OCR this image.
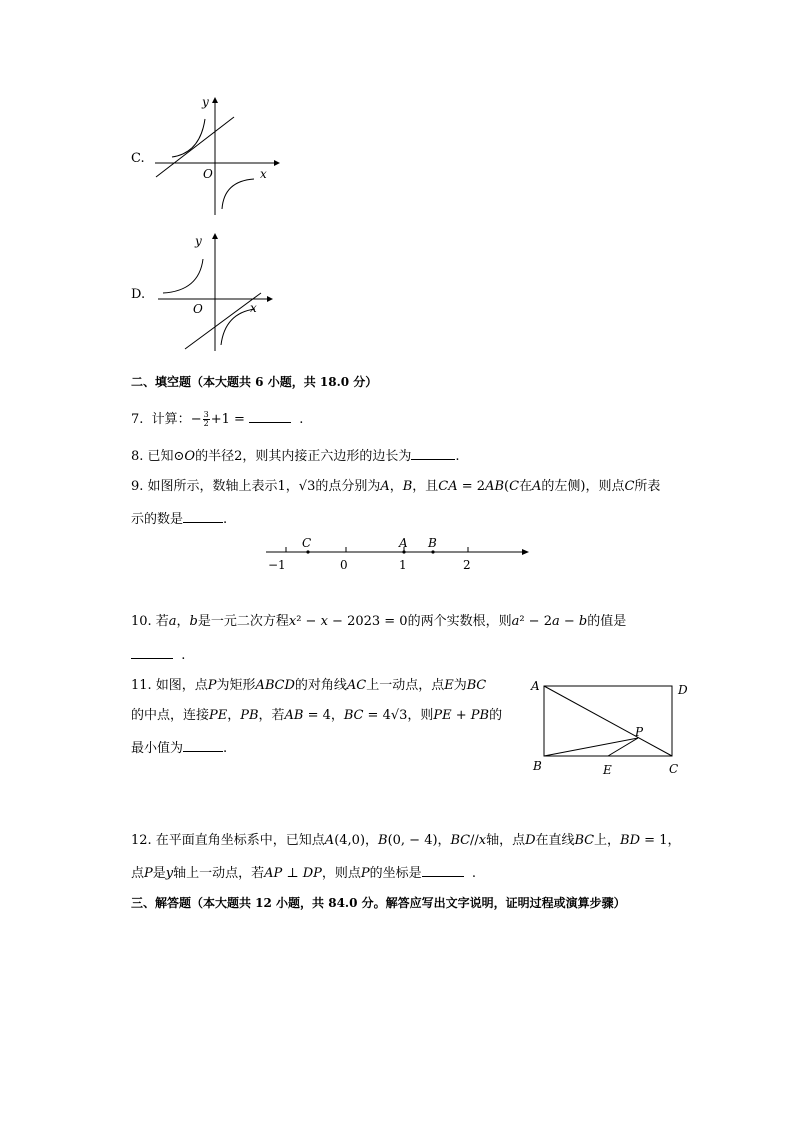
C.
y
x
O
D.
y
x
O
二、填空题（本大题共 6 小题，共 18.0 分）
7. 计算：− $\frac{3}{2} +1$ =	.
8. 已知⊙𝑂的半径2，则其内接正六边形的边长为	.
9. 如图所示，数轴上表示1，√3的点分别为𝐴，𝐵，且𝐶𝐴 = 2𝐴𝐵(𝐶在𝐴的左侧)，则点𝐶所表
示的数是	.
C	A B
−1	0	1	2
10. 若𝑎，𝑏是一元二次方程𝑥² − 𝑥 − 2023 = 0的两个实数根，则𝑎² − 2𝑎 − 𝑏的值是
.
11. 如图，点𝑃为矩形𝐴𝐵𝐶𝐷的对角线𝐴𝐶上一动点，点𝐸为𝐵𝐶
的中点，连接𝑃𝐸，𝑃𝐵，若𝐴𝐵 = 4，𝐵𝐶 = 4√3，则𝑃𝐸 + 𝑃𝐵的
最小值为	.
A	D
B	C
E
P
12. 在平面直角坐标系中，已知点𝐴(4,0)，𝐵(0, − 4)，𝐵𝐶//𝑥轴，点𝐷在直线𝐵𝐶上，𝐵𝐷 = 1，
点𝑃是𝑦轴上一动点，若𝐴𝑃 ⊥ 𝐷𝑃，则点𝑃的坐标是	.
三、解答题（本大题共 12 小题，共 84.0 分。解答应写出文字说明，证明过程或演算步骤）
